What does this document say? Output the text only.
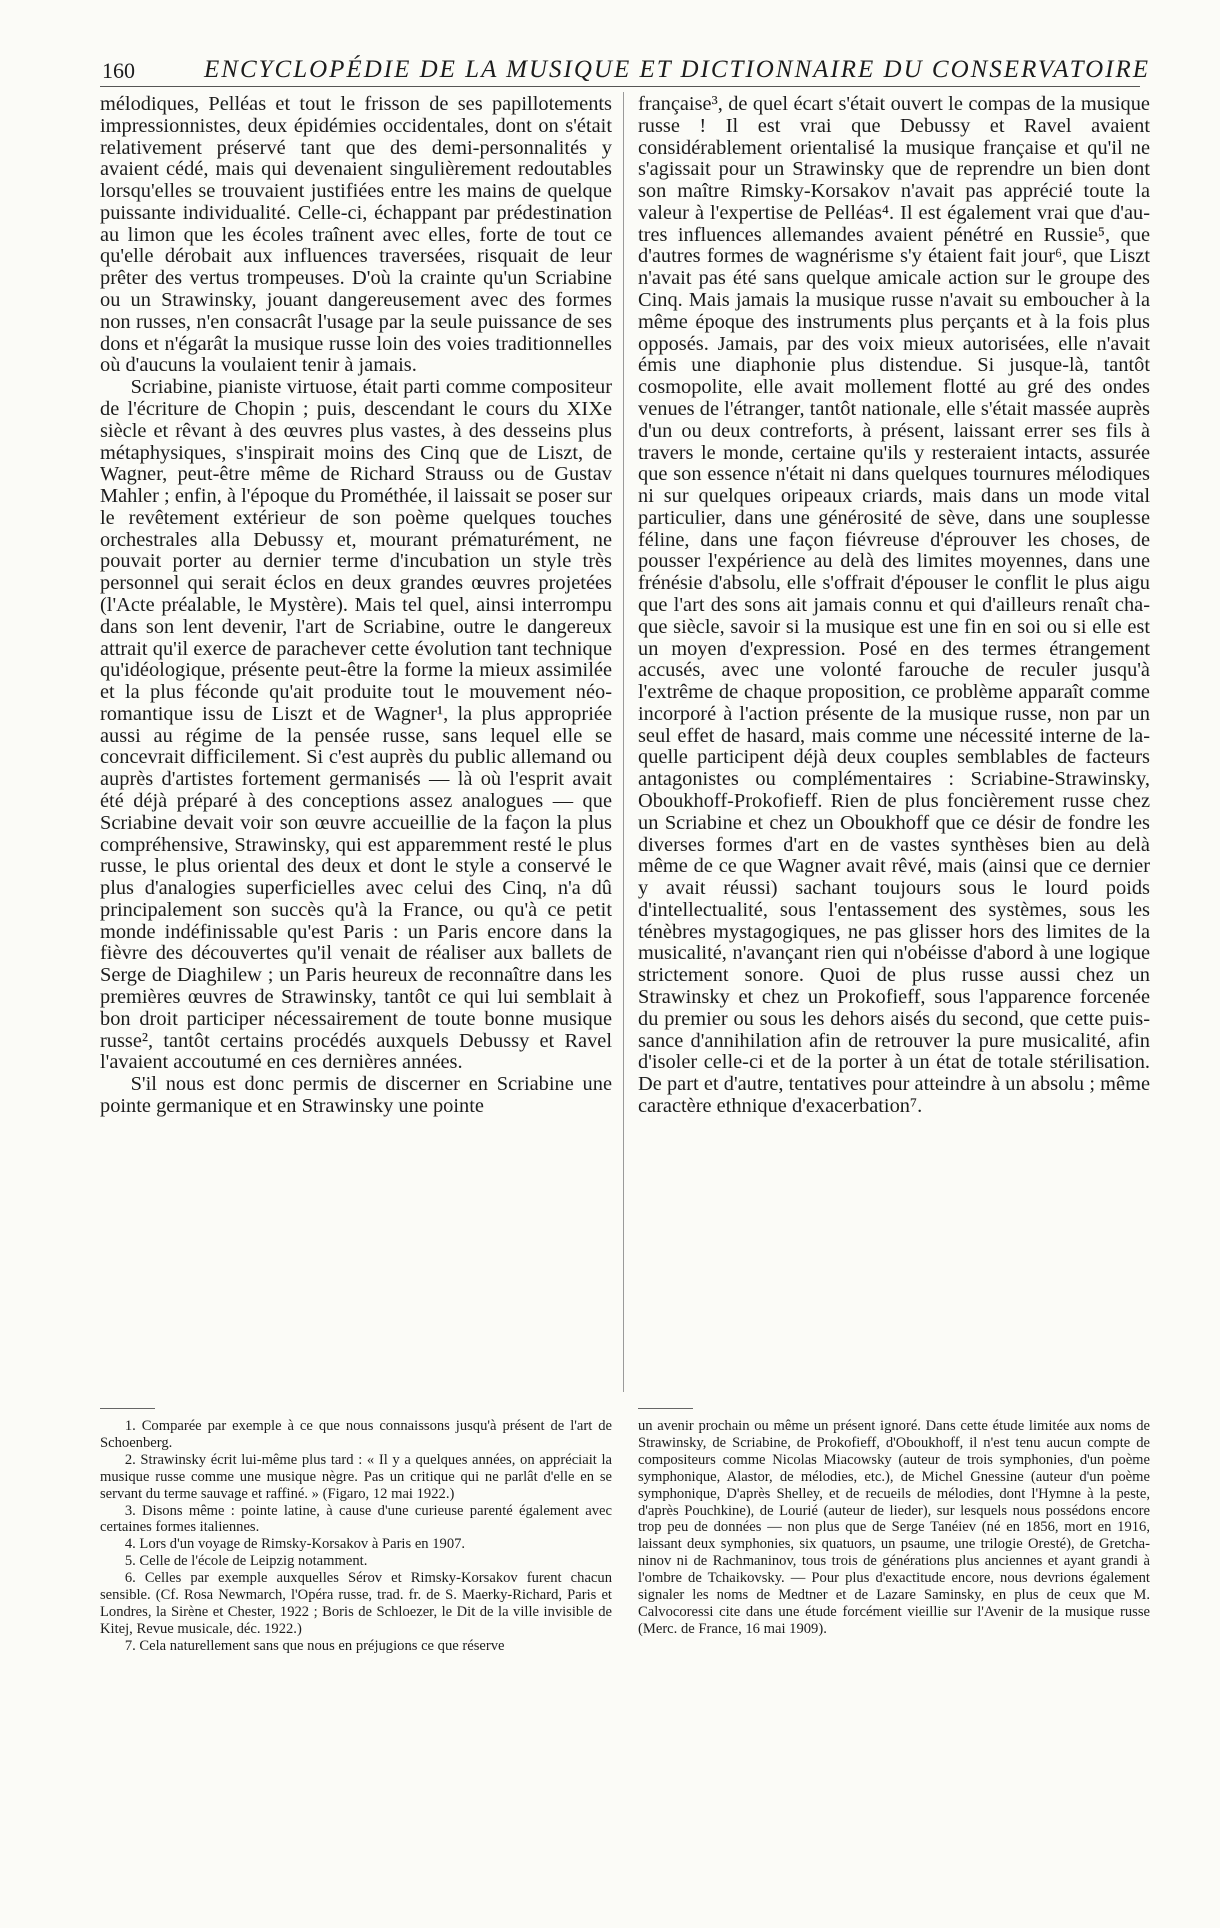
160	ENCYCLOPÉDIE DE LA MUSIQUE ET DICTIONNAIRE DU CONSERVATOIRE

mélodiques, Pelléas et tout le frisson de ses papillotements impressionnistes, deux épidémies occidentales, dont on s'était relativement préservé tant que des demi-personnalités y avaient cédé, mais qui devenaient singulièrement redoutables lorsqu'elles se trouvaient justifiées entre les mains de quelque puissante individualité. Celle-ci, échappant par prédestination au limon que les écoles traînent avec elles, forte de tout ce qu'elle dérobait aux influences traversées, risquait de leur prêter des vertus trompeuses. D'où la crainte qu'un Scriabine ou un Strawinsky, jouant dangereusement avec des formes non russes, n'en consacrât l'usage par la seule puissance de ses dons et n'égarât la musique russe loin des voies traditionnelles où d'aucuns la voulaient tenir à jamais.

Scriabine, pianiste virtuose, était parti comme compositeur de l'écriture de Chopin ; puis, descendant le cours du XIXe siècle et rêvant à des œuvres plus vastes, à des desseins plus métaphysiques, s'inspirait moins des Cinq que de Liszt, de Wagner, peut-être même de Richard Strauss ou de Gustav Mahler ; enfin, à l'époque du Prométhée, il laissait se poser sur le revêtement extérieur de son poème quelques touches orchestrales alla Debussy et, mourant prématurément, ne pouvait porter au dernier terme d'incubation un style très personnel qui serait éclos en deux grandes œuvres projetées (l'Acte préalable, le Mystère). Mais tel quel, ainsi interrompu dans son lent devenir, l'art de Scriabine, outre le dangereux attrait qu'il exerce de parachever cette évolution tant technique qu'idéologique, présente peut-être la forme la mieux assimilée et la plus féconde qu'ait produite tout le mouvement néo-romantique issu de Liszt et de Wagner¹, la plus appropriée aussi au régime de la pensée russe, sans lequel elle se concevrait difficilement. Si c'est auprès du public allemand ou auprès d'artistes fortement germanisés — là où l'esprit avait été déjà préparé à des conceptions assez analogues — que Scriabine devait voir son œuvre accueillie de la façon la plus compréhensive, Strawinsky, qui est apparemment resté le plus russe, le plus oriental des deux et dont le style a conservé le plus d'analogies superficielles avec celui des Cinq, n'a dû principalement son succès qu'à la France, ou qu'à ce petit monde indéfinissable qu'est Paris : un Paris encore dans la fièvre des découvertes qu'il venait de réaliser aux ballets de Serge de Diaghilew ; un Paris heureux de reconnaître dans les premières œuvres de Strawinsky, tantôt ce qui lui semblait à bon droit participer nécessairement de toute bonne musique russe², tantôt certains procédés auxquels Debussy et Ravel l'avaient accoutumé en ces dernières années.

S'il nous est donc permis de discerner en Scriabine une pointe germanique et en Strawinsky une pointe

française³, de quel écart s'était ouvert le compas de la musique russe ! Il est vrai que Debussy et Ravel avaient considérablement orientalisé la musique française et qu'il ne s'agissait pour un Strawinsky que de reprendre un bien dont son maître Rimsky-Korsakov n'avait pas apprécié toute la valeur à l'expertise de Pelléas⁴. Il est également vrai que d'autres influences allemandes avaient pénétré en Russie⁵, que d'autres formes de wagnérisme s'y étaient fait jour⁶, que Liszt n'avait pas été sans quelque amicale action sur le groupe des Cinq. Mais jamais la musique russe n'avait su emboucher à la même époque des instruments plus perçants et à la fois plus opposés. Jamais, par des voix mieux autorisées, elle n'avait émis une diaphonie plus distendue. Si jusque-là, tantôt cosmopolite, elle avait mollement flotté au gré des ondes venues de l'étranger, tantôt nationale, elle s'était massée auprès d'un ou deux contreforts, à présent, laissant errer ses fils à travers le monde, certaine qu'ils y resteraient intacts, assurée que son essence n'était ni dans quelques tournures mélodiques ni sur quelques oripeaux criards, mais dans un mode vital particulier, dans une générosité de sève, dans une souplesse féline, dans une façon fiévreuse d'éprouver les choses, de pousser l'expérience au delà des limites moyennes, dans une frénésie d'absolu, elle s'offrait d'épouser le conflit le plus aigu que l'art des sons ait jamais connu et qui d'ailleurs renaît chaque siècle, savoir si la musique est une fin en soi ou si elle est un moyen d'expression. Posé en des termes étrangement accusés, avec une volonté farouche de reculer jusqu'à l'extrême de chaque proposition, ce problème apparaît comme incorporé à l'action présente de la musique russe, non par un seul effet de hasard, mais comme une nécessité interne de laquelle participent déjà deux couples semblables de facteurs antagonistes ou complémentaires : Scriabine-Strawinsky, Oboukhoff-Prokofieff. Rien de plus foncièrement russe chez un Scriabine et chez un Oboukhoff que ce désir de fondre les diverses formes d'art en de vastes synthèses bien au delà même de ce que Wagner avait rêvé, mais (ainsi que ce dernier y avait réussi) sachant toujours sous le lourd poids d'intellectualité, sous l'entassement des systèmes, sous les ténèbres mystagogiques, ne pas glisser hors des limites de la musicalité, n'avançant rien qui n'obéisse d'abord à une logique strictement sonore. Quoi de plus russe aussi chez un Strawinsky et chez un Prokofieff, sous l'apparence forcenée du premier ou sous les dehors aisés du second, que cette puissance d'annihilation afin de retrouver la pure musicalité, afin d'isoler celle-ci et de la porter à un état de totale stérilisation. De part et d'autre, tentatives pour atteindre à un absolu ; même caractère ethnique d'exacerbation⁷.

1. Comparée par exemple à ce que nous connaissons jusqu'à présent de l'art de Schoenberg.

2. Strawinsky écrit lui-même plus tard : « Il y a quelques années, on appréciait la musique russe comme une musique nègre. Pas un critique qui ne parlât d'elle en se servant du terme sauvage et raffiné. » (Figaro, 12 mai 1922.)

3. Disons même : pointe latine, à cause d'une curieuse parenté également avec certaines formes italiennes.

4. Lors d'un voyage de Rimsky-Korsakov à Paris en 1907.

5. Celle de l'école de Leipzig notamment.

6. Celles par exemple auxquelles Sérov et Rimsky-Korsakov furent chacun sensible. (Cf. Rosa Newmarch, l'Opéra russe, trad. fr. de S. Maerky-Richard, Paris et Londres, la Sirène et Chester, 1922 ; Boris de Schloezer, le Dit de la ville invisible de Kitej, Revue musicale, déc. 1922.)

7. Cela naturellement sans que nous en préjugions ce que réserve

un avenir prochain ou même un présent ignoré. Dans cette étude limitée aux noms de Strawinsky, de Scriabine, de Prokofieff, d'Oboukhoff, il n'est tenu aucun compte de compositeurs comme Nicolas Miacowsky (auteur de trois symphonies, d'un poème symphonique, Alastor, de mélodies, etc.), de Michel Gnessine (auteur d'un poème symphonique, D'après Shelley, et de recueils de mélodies, dont l'Hymne à la peste, d'après Pouchkine), de Lourié (auteur de lieder), sur lesquels nous possédons encore trop peu de données — non plus que de Serge Tanéiev (né en 1856, mort en 1916, laissant deux symphonies, six quatuors, un psaume, une trilogie Oresté), de Gretchaninov ni de Rachmaninov, tous trois de générations plus anciennes et ayant grandi à l'ombre de Tchaikovsky. — Pour plus d'exactitude encore, nous devrions également signaler les noms de Medtner et de Lazare Saminsky, en plus de ceux que M. Calvocoressi cite dans une étude forcément vieillie sur l'Avenir de la musique russe (Merc. de France, 16 mai 1909).
